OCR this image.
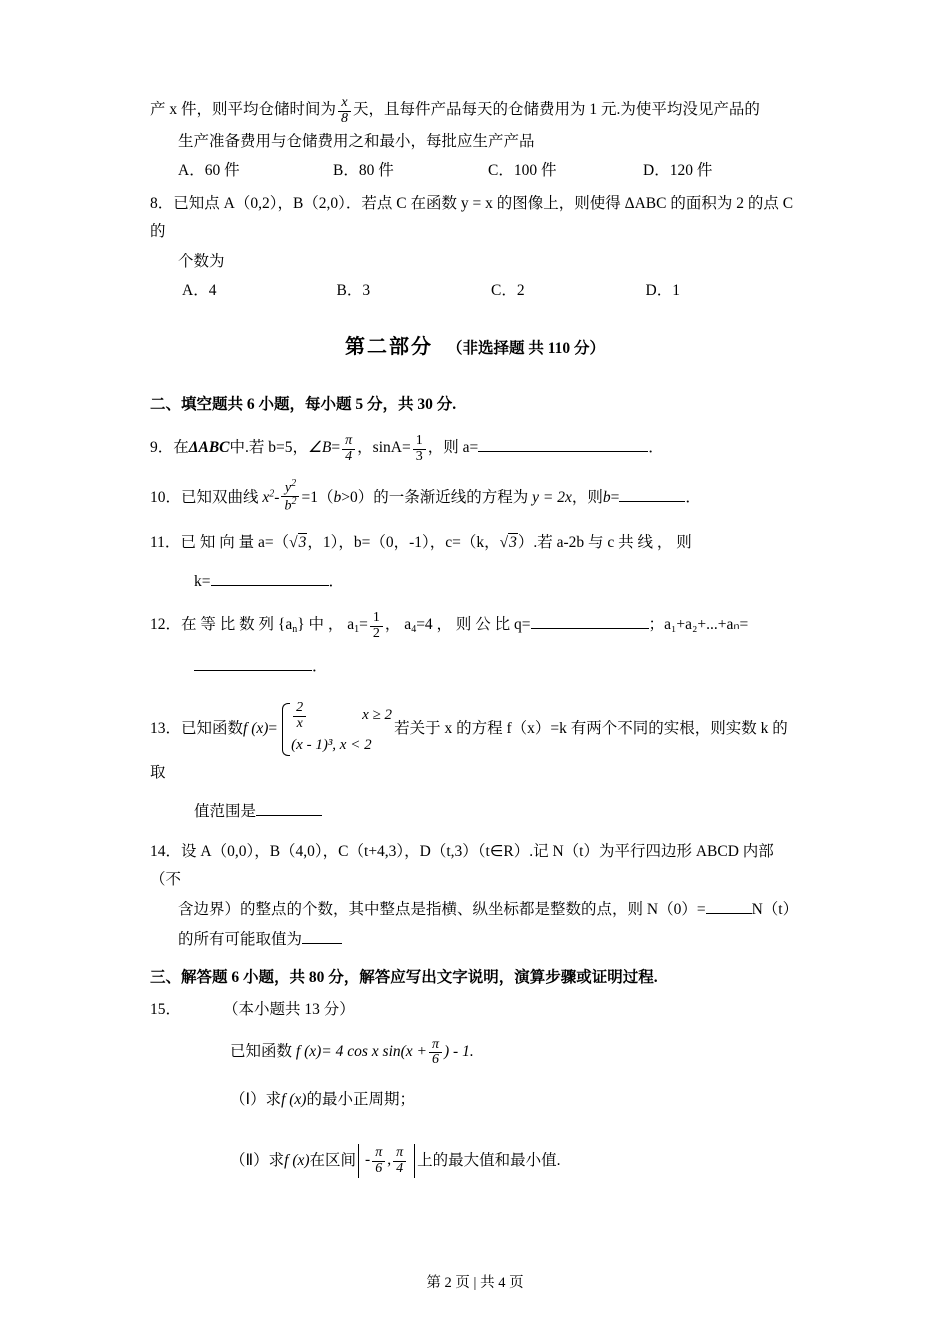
产 x 件，则平均仓储时间为 $\frac{x}{8}$ 天，且每件产品每天的仓储费用为 1 元.为使平均没见产品的
生产准备费用与仓储费用之和最小，每批应生产产品
A．60 件	B．80 件	C．100 件	D．120 件
8．已知点 A（0,2），B（2,0）．若点 C 在函数 y = x 的图像上，则使得 ΔABC 的面积为 2 的点 C 的
个数为
A．4	B．3	C．2	D．1
第二部分 （非选择题 共 110 分）
二、填空题共 6 小题，每小题 5 分，共 30 分.
9．在ΔABC中.若 b=5，∠B= $\frac{\pi}{4}$ ，$\sin A= \frac{1}{3}$ ，则 a=	．
10．已知双曲线 $x^2- \frac{y^2}{b^2} =1(b>0)$的一条渐近线的方程为 y = 2x，则b=	．
11．已 知 向 量 a=（√3，1），b=（0，-1），c=（k，√3）.若 a-2b 与 c 共 线 ， 则
k=	．
12．在 等 比 数 列 $\{a_n\}$ 中 ， $a_1= \frac{1}{2}$ ， $a_4=4$ ， 则 公 比 q=	；a₁+a₂+...+aₙ=
．
13．已知函数f $(x)= \frac{2}{x}$	x ≥ 2
(x - 1)³, x < 2
若关于 x 的方程 f（x）=k 有两个不同的实根，则实数 k 的取
值范围是
14．设 A（0,0），B（4,0），C（t+4,3），D（t,3）（t∈R）.记 N（t）为平行四边形 ABCD 内部（不
含边界）的整点的个数，其中整点是指横、纵坐标都是整数的点，则 N（0）=	N（t）
的所有可能取值为
三、解答题 6 小题，共 80 分，解答应写出文字说明，演算步骤或证明过程.
15．	（本小题共 13 分）
已知函数 f (x)= 4 cos x $\sin(x + \frac{\pi}{6}$ ) - 1.
（Ⅰ）求f (x)的最小正周期；
（Ⅱ）求f (x)在区间 - $\frac{\pi}{6}$ , $\frac{\pi}{4}$ 上的最大值和最小值.
第 2 页 | 共 4 页
